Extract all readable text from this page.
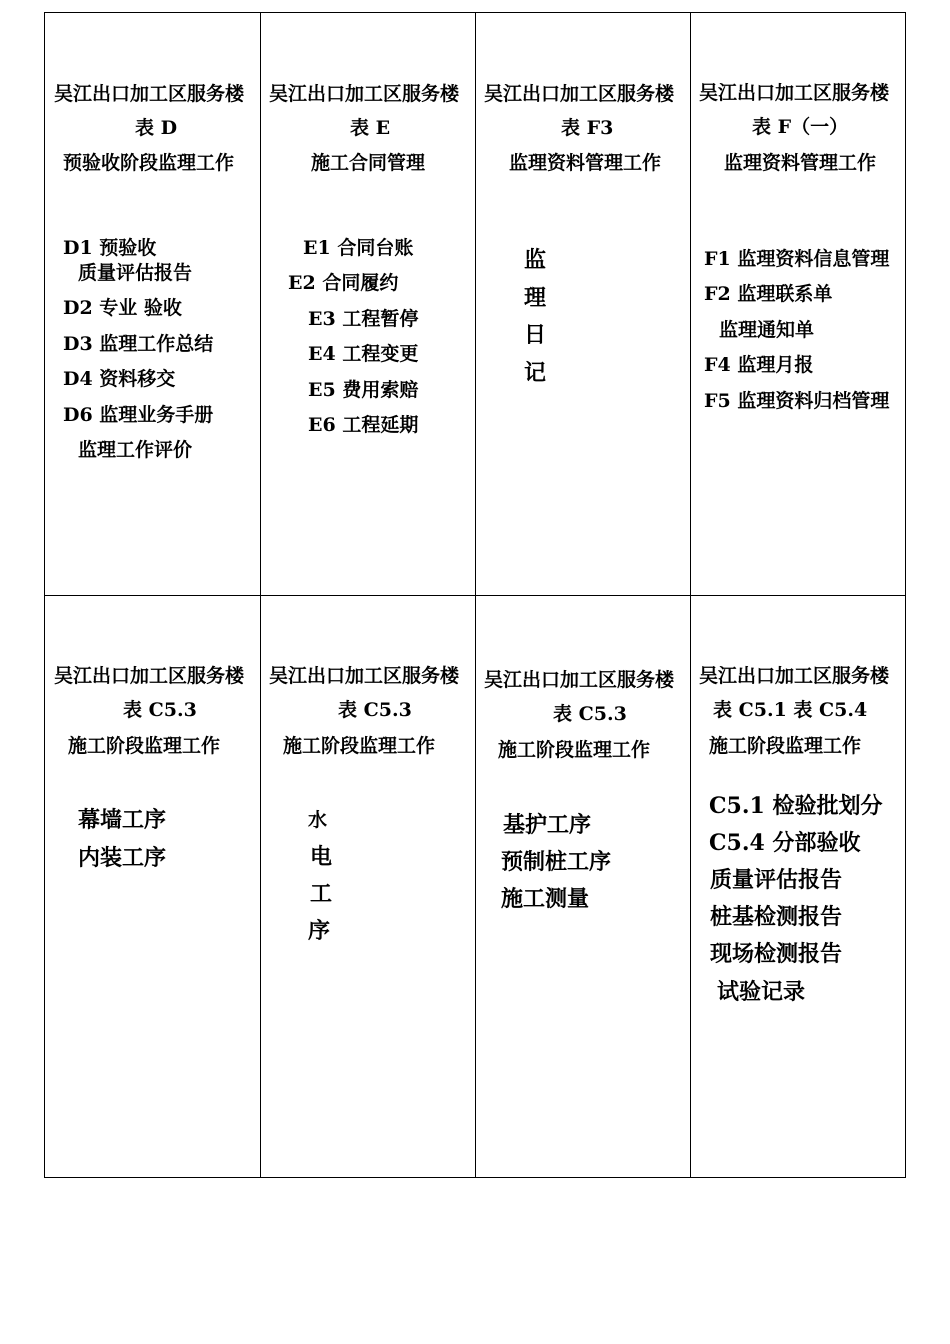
吴江出口加工区服务楼
表 D
预验收阶段监理工作
D1 预验收
质量评估报告
D2 专业 验收
D3 监理工作总结
D4 资料移交
D6 监理业务手册
监理工作评价
吴江出口加工区服务楼
表 E
施工合同管理
E1 合同台账
E2 合同履约
E3 工程暂停
E4 工程变更
E5 费用索赔
E6 工程延期
吴江出口加工区服务楼
表 F3
监理资料管理工作
监
理
日
记
吴江出口加工区服务楼
表 F（一）
监理资料管理工作
F1 监理资料信息管理
F2 监理联系单
监理通知单
F4 监理月报
F5 监理资料归档管理
吴江出口加工区服务楼
表 C5.3
施工阶段监理工作
幕墙工序
内装工序
吴江出口加工区服务楼
表 C5.3
施工阶段监理工作
水
电
工
序
吴江出口加工区服务楼
表 C5.3
施工阶段监理工作
基护工序
预制桩工序
施工测量
吴江出口加工区服务楼
表 C5.1 表 C5.4
施工阶段监理工作
C5.1 检验批划分
C5.4 分部验收
质量评估报告
桩基检测报告
现场检测报告
试验记录
